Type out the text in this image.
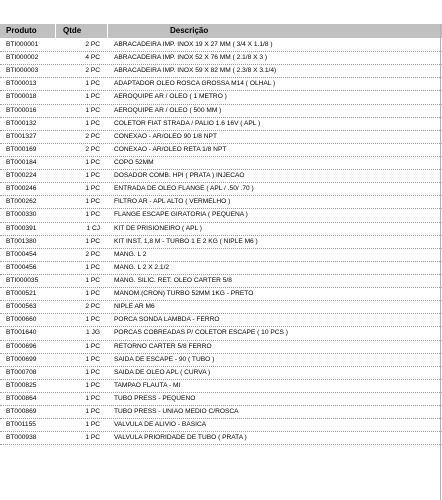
Produto	Qtde	Descrição
BTI000001	2 PC ABRACADEIRA IMP. INOX 19 X 27 MM ( 3/4 X 1.1/8 )
BTI000002	4 PC ABRACADEIRA IMP. INOX 52 X 76 MM ( 2.1/8 X 3 )
BTI000003	2 PC ABRACADEIRA IMP. INOX 59 X 82 MM ( 2.3/8 X 3.1/4)
BT000013	1 PC ADAPTADOR OLEO ROSCA GROSSA M14 ( OLHAL )
BT000018	1 PC AEROQUIPE AR / OLEO ( 1 METRO )
BT000016	1 PC AEROQUIPE AR / OLEO ( 500 MM )
BT000132	1 PC COLETOR FIAT STRADA / PALIO 1.6 16V ( APL )
BT001327	2 PC CONEXAO - AR/OLEO 90 1/8 NPT
BT000169	2 PC CONEXAO - AR/OLEO RETA 1/8 NPT
BT000184	1 PC COPO 52MM
BT000224	1 PC DOSADOR COMB. HPI ( PRATA ) INJECAO
BT000246	1 PC ENTRADA DE OLEO FLANGE ( APL / .50/ .70 )
BT000262	1 PC FILTRO AR - APL ALTO ( VERMELHO )
BT000330	1 PC FLANGE ESCAPE GIRATORIA ( PEQUENA )
BT000391	1 CJ KIT DE PRISIONEIRO ( APL )
BT001380	1 PC KIT INST. 1,8 M - TURBO 1 E 2 KG ( NIPLE M6 )
BT000454	2 PC MANG. L 2
BT000456	1 PC MANG. L 2 X 2.1/2
BTI000035	1 PC MANG. SILIC. RET. OLEO CARTER 5/8
BT000521	1 PC MANOM.(CRON) TURBO 52MM 1KG - PRETO
BT000563	2 PC NIPLE AR M6
BT000660	1 PC PORCA SONDA LAMBDA - FERRO
BT001640	1 JG PORCAS COBREADAS P/ COLETOR ESCAPE ( 10 PCS )
BT000696	1 PC RETORNO CARTER 5/8 FERRO
BT000699	1 PC SAIDA DE ESCAPE - 90 ( TUBO )
BT000708	1 PC SAIDA DE OLEO APL ( CURVA )
BT000825	1 PC TAMPAO FLAUTA - MI
BT000864	1 PC TUBO PRESS - PEQUENO
BT000869	1 PC TUBO PRESS - UNIAO MEDIO C/ROSCA
BT001155	1 PC VALVULA DE ALIVIO - BASICA
BT000938	1 PC VALVULA PRIORIDADE DE TUBO ( PRATA )
